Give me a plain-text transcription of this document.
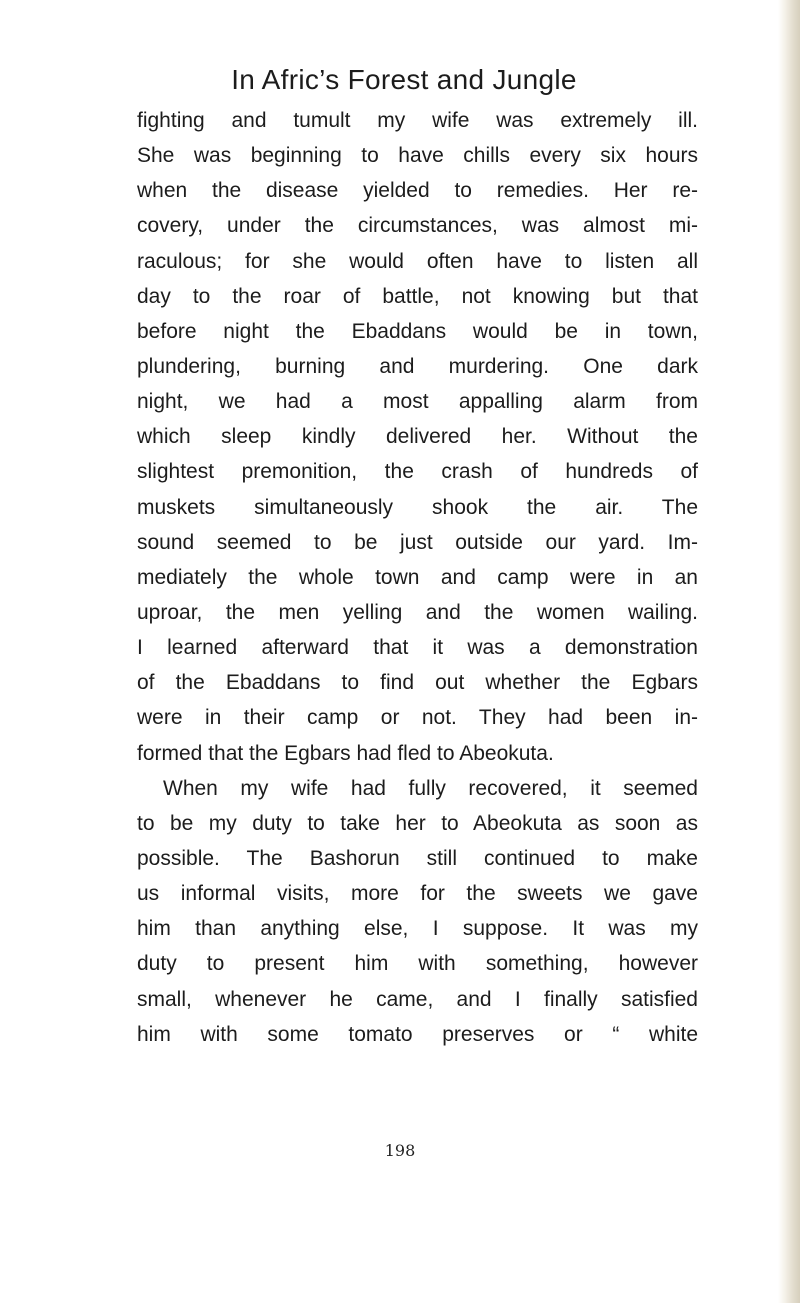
In Afric’s Forest and Jungle
fighting and tumult my wife was extremely ill.
She was beginning to have chills every six hours
when the disease yielded to remedies. Her re-
covery, under the circumstances, was almost mi-
raculous; for she would often have to listen all
day to the roar of battle, not knowing but that
before night the Ebaddans would be in town,
plundering, burning and murdering. One dark
night, we had a most appalling alarm from
which sleep kindly delivered her. Without the
slightest premonition, the crash of hundreds of
muskets simultaneously shook the air. The
sound seemed to be just outside our yard. Im-
mediately the whole town and camp were in an
uproar, the men yelling and the women wailing.
I learned afterward that it was a demonstration
of the Ebaddans to find out whether the Egbars
were in their camp or not. They had been in-
formed that the Egbars had fled to Abeokuta.
When my wife had fully recovered, it seemed
to be my duty to take her to Abeokuta as soon as
possible. The Bashorun still continued to make
us informal visits, more for the sweets we gave
him than anything else, I suppose. It was my
duty to present him with something, however
small, whenever he came, and I finally satisfied
him with some tomato preserves or “ white
198
